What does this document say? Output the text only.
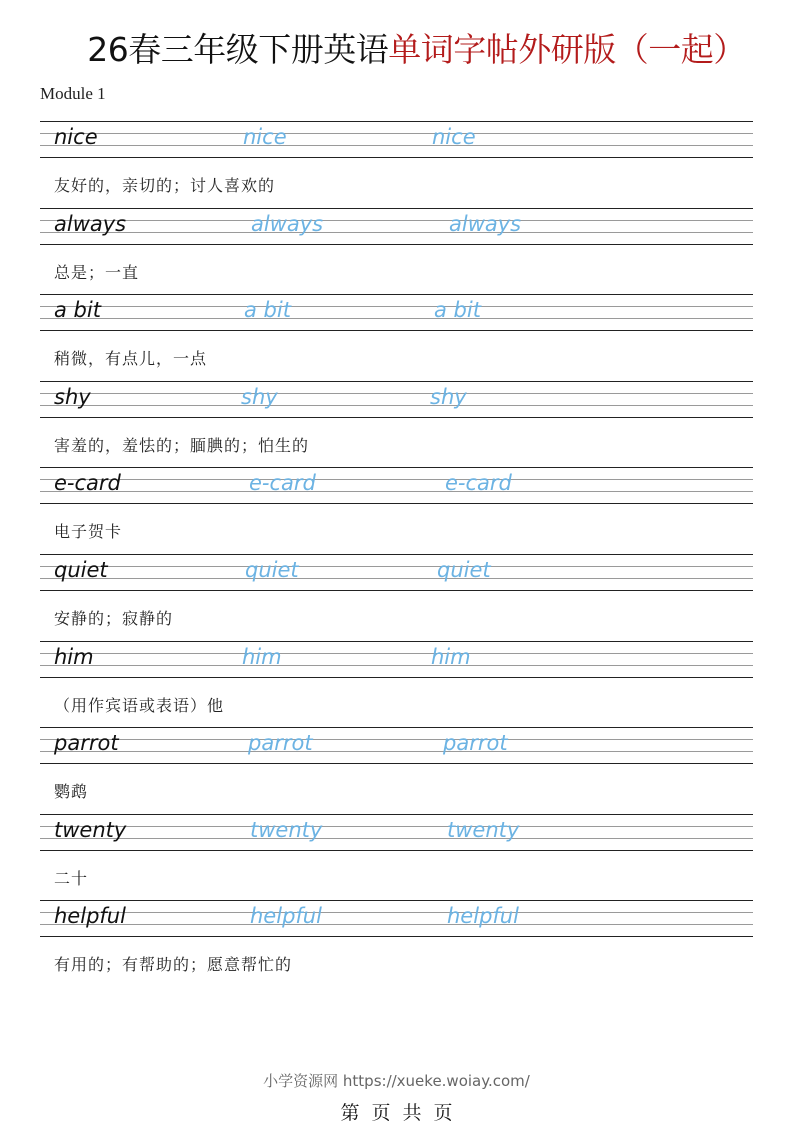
26春三年级下册英语单词字帖外研版（一起）
Module 1
nice	nice	nice
友好的，亲切的；讨人喜欢的
always	always	always
总是；一直
a bit	a bit	a bit
稍微，有点儿，一点
shy	shy	shy
害羞的，羞怯的；腼腆的；怕生的
e-card	e-card	e-card
电子贺卡
quiet	quiet	quiet
安静的；寂静的
him	him	him
（用作宾语或表语）他
parrot	parrot	parrot
鹦鹉
twenty	twenty	twenty
二十
helpful	helpful	helpful
有用的；有帮助的；愿意帮忙的
小学资源网 https://xueke.woiay.com/
第 页 共 页
